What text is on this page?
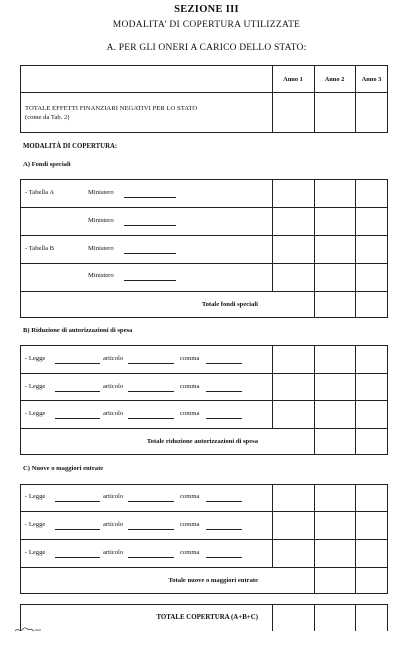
SEZIONE III
MODALITA’ DI COPERTURA UTILIZZATE
A. PER GLI ONERI A CARICO DELLO STATO:
Anno 1	Anno 2	Anno 3
TOTALE EFFETTI FINANZIARI NEGATIVI PER LO STATO
(come da Tab. 2)
MODALITÀ DI COPERTURA:
A) Fondi speciali
- Tabella A	Ministero
Ministero
- Tabella B	Ministero
Ministero
Totale fondi speciali
B) Riduzione di autorizzazioni di spesa
- Legge	articolo	comma
- Legge	articolo	comma
- Legge	articolo	comma
Totale riduzione autorizzazioni di spesa
C) Nuove o maggiori entrate
- Legge	articolo	comma
- Legge	articolo	comma
- Legge	articolo	comma
Totale nuove o maggiori entrate
TOTALE COPERTURA (A+B+C)
